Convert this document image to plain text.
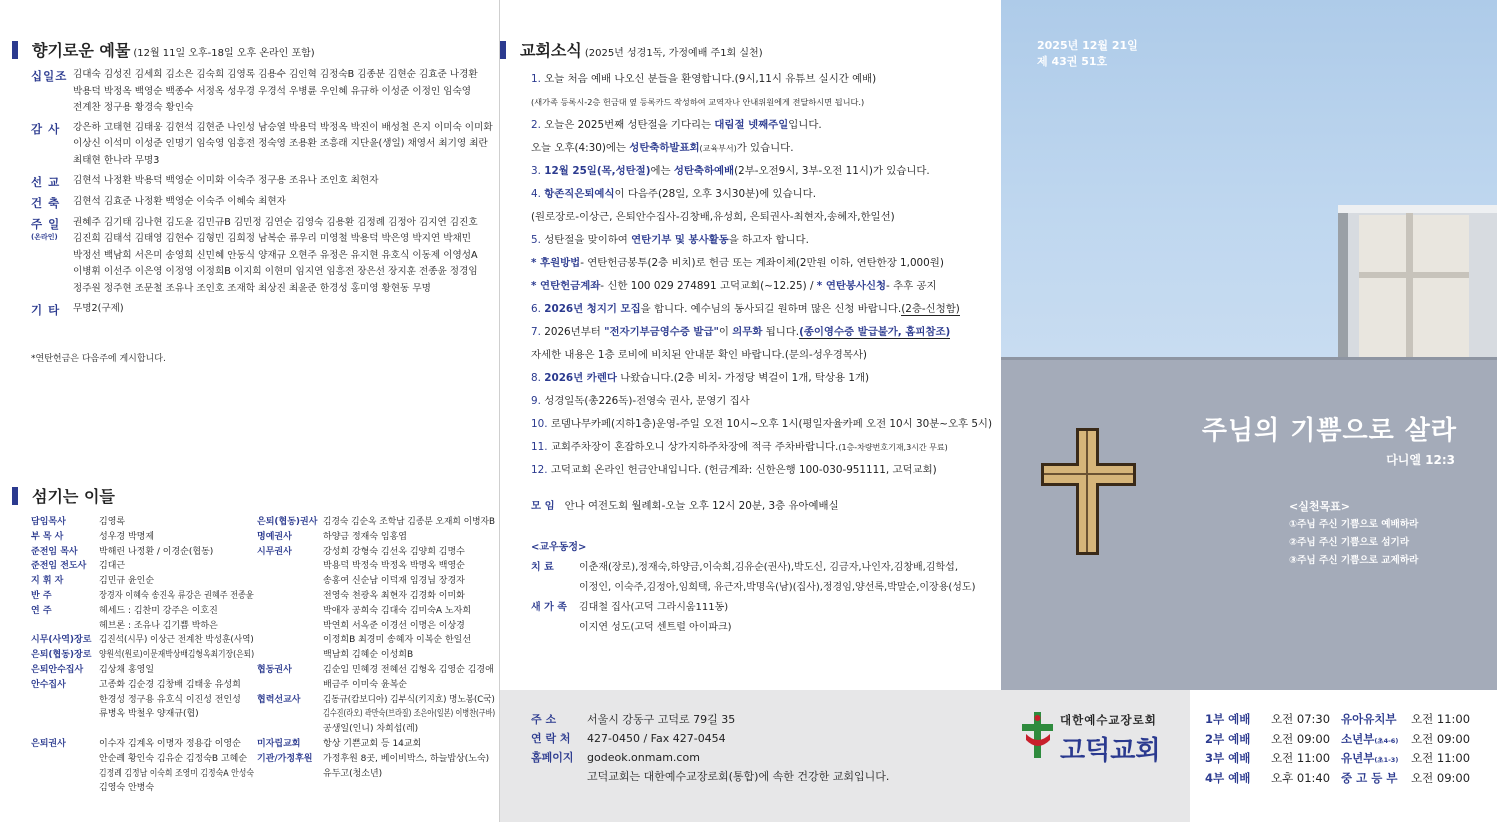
향기로운 예물 (12월 11일 오후-18일 오후 온라인 포함)
십일조 김대숙 김성진 김세희 김소은 김숙희 김영록 김용수 김인혁 김정숙B 김종분 김현순 김효준 나경환
박용덕 박정옥 백영순 백종수 서정옥 성우경 우경석 우병륜 우인혜 유규하 이성준 이정인 임숙영
전계찬 정구용 황경숙 황인숙
감 사	강은하 고태현 김태웅 김현석 김현준 나인성 남승열 박용덕 박정옥 박진이 배성철 은지 이미숙 이미화
이상신 이석미 이성준 인명기 임숙영 임흥전 정숙영 조용환 조흥래 지단윤(생일) 채영서 최기영 최란
최태현 한나라 무명3
선 교	김현석 나정환 박용덕 백영순 이미화 이숙주 정구용 조유나 조인호 최현자
건 축	김현석 김효준 나정환 백영순 이숙주 이혜숙 최현자
주 일
(온라인)
권혜주 김기태 김나현 김도윤 김민규B 김민정 김연순 김영숙 김용환 김정례 김정아 김지연 김진호
김진희 김태석 김태영 김현수 김형민 김희정 남복순 류우리 미영철 박용덕 박은영 박지연 박채민
박정선 백남희 서은미 송영희 신민혜 안동식 양재규 오현주 유정은 유지현 유호식 이동제 이영성A
이병휘 이선주 이은영 이정영 이정희B 이지희 이현미 임지연 임흥전 장은선 장지훈 전종윤 정경임
정주원 정주현 조문철 조유나 조인호 조재학 최상진 최윤준 한경성 홍미영 황현동 무명
기 타	무명2(구제)
*연탄헌금은 다음주에 게시합니다.
섬기는 이들
담임목사	김영록
부 목 사	성우경 박명제
준전임 목사	박해린 나정환 / 이경순(협동)
준전임 전도사	김대근
지 휘 자	김민규 윤인순
반 주	장경자 이혜숙 송진옥 류강은 권혜주 전종윤
연 주	헤세드 : 김찬미 강주은 이호진
헤브론 : 조유나 김기쁨 박하은
시무(사역)장로 김진석(시무) 이상근 전계찬 박성훈(사역)
은퇴(협동)장로 양원석(원로)이문재박상배김형옥최기장(은퇴)
은퇴안수집사	김상채 홍영일
안수집사	고종화 김순경 김창배 김태웅 유성희
한경성 정구용 유호식 이진성 전인성
류병옥 박철우 양재규(협)
은퇴권사	이수자 김계옥 이명자 정용갑 이영순
안순례 황인숙 김유순 김정숙B 고혜순
김정례 김정남 이숙희 조영미 김정숙A 안성숙
김영숙 안병숙
은퇴(협동)권사 김경숙 김순옥 조학남 김종분 오재희 이병자B
명예권사	하양금 정재숙 임홍엽
시무권사	강성희 강형숙 김선옥 김양희 김명수
박용덕 박정숙 박정옥 박명옥 백영순
송홍여 신순남 이덕재 임경님 장경자
전영숙 천광옥 최현자 김경화 이미화
박애자 공희숙 김대숙 김미숙A 노자희
박연희 서옥준 이경선 이명은 이상경
이정희B 최경미 송혜자 이복순 한일선
백남희 김혜순 이성희B
협동권사	김순임 민혜경 전혜선 김형옥 김영순 김경애
배금주 이미숙 윤복순
협력선교사	김동규(캄보디아) 김부식(키지흐) 명노봉(C국)
김수진(라오) 곽만숙(브라질) 조은아(일본) 이병찬(구바)
공생일(인니) 차희섭(레)
미자립교회	항상 기쁜교회 등 14교회
기관/가정후원	가정후원 8곳, 베이비박스, 하늘밥상(노숙)
유두고(청소년)
교회소식 (2025년 성경1독, 가정예배 주1회 실천)
1. 오늘 처음 예배 나오신 분들을 환영합니다.(9시,11시 유튜브 실시간 예배)
(새가족 등록시-2층 헌금대 옆 등록카드 작성하여 교역자나 안내위원에게 전달하시면 됩니다.)
2. 오늘은 2025번째 성탄절을 기다리는 대림절 넷째주일입니다.
오늘 오후(4:30)에는 성탄축하발표회(교육부서)가 있습니다.
3. 12월 25일(목,성탄절)에는 성탄축하예배(2부-오전9시, 3부-오전 11시)가 있습니다.
4. 항존직은퇴예식이 다음주(28일, 오후 3시30분)에 있습니다.
(원로장로-이상근, 은퇴안수집사-김창배,유성희, 은퇴권사-최현자,송혜자,한일선)
5. 성탄절을 맞이하여 연탄기부 및 봉사활동을 하고자 합니다.
* 후원방법- 연탄헌금봉투(2층 비치)로 헌금 또는 계좌이체(2만원 이하, 연탄한장 1,000원)
* 연탄헌금계좌- 신한 100 029 274891 고덕교회(~12.25) / * 연탄봉사신청- 추후 공지
6. 2026년 청지기 모집을 합니다. 예수님의 동사되길 원하며 많은 신청 바랍니다.(2층-신청함)
7. 2026년부터 "전자기부금영수증 발급"이 의무화 됩니다.(종이영수증 발급불가, 홈피참조)
자세한 내용은 1층 로비에 비치된 안내문 확인 바랍니다.(문의-성우경목사)
8. 2026년 카렌다 나왔습니다.(2층 비치- 가정당 벽걸이 1개, 탁상용 1개)
9. 성경일독(총226독)-전영숙 권사, 문영기 집사
10. 로뎀나무카페(지하1층)운영-주일 오전 10시~오후 1시(평일자율카페 오전 10시 30분~오후 5시)
11. 교회주차장이 혼잡하오니 상가지하주차장에 적극 주차바랍니다.(1층-차량번호기재,3시간 무료)
12. 고덕교회 온라인 헌금안내입니다. (헌금계좌: 신한은행 100-030-951111, 고덕교회)
모 임 안나 여전도회 월례회-오늘 오후 12시 20분, 3층 유아예배실
<교우동정>
치 료	이춘재(장로),정재숙,하양금,이숙희,김유순(권사),박도신, 김금자,나인자,김창배,김학섭,
이정인, 이숙주,김정아,임희택, 유근자,박명옥(남)(집사),정경임,양선록,박말순,이장용(성도)
새 가 족	김대철 집사(고덕 그라시움111동)
이지연 성도(고덕 센트럴 아이파크)
2025년 12월 21일
제 43권 51호
주님의 기쁨으로 살라
다니엘 12:3
<실천목표>
①주님 주신 기쁨으로 예배하라
②주님 주신 기쁨으로 섬기라
③주님 주신 기쁨으로 교제하라
주 소	서울시 강동구 고덕로 79길 35
연 락 처	427-0450 / Fax 427-0454
홈페이지	godeok.onmam.com
고덕교회는 대한예수교장로회(통합)에 속한 건강한 교회입니다.
대한예수교장로회
고덕교회
1부 예배	오전 07:30
2부 예배	오전 09:00
3부 예배	오전 11:00
4부 예배	오후 01:40
유아유치부	오전 11:00
소년부(초4-6)	오전 09:00
유년부(초1-3)	오전 11:00
중 고 등 부	오전 09:00
